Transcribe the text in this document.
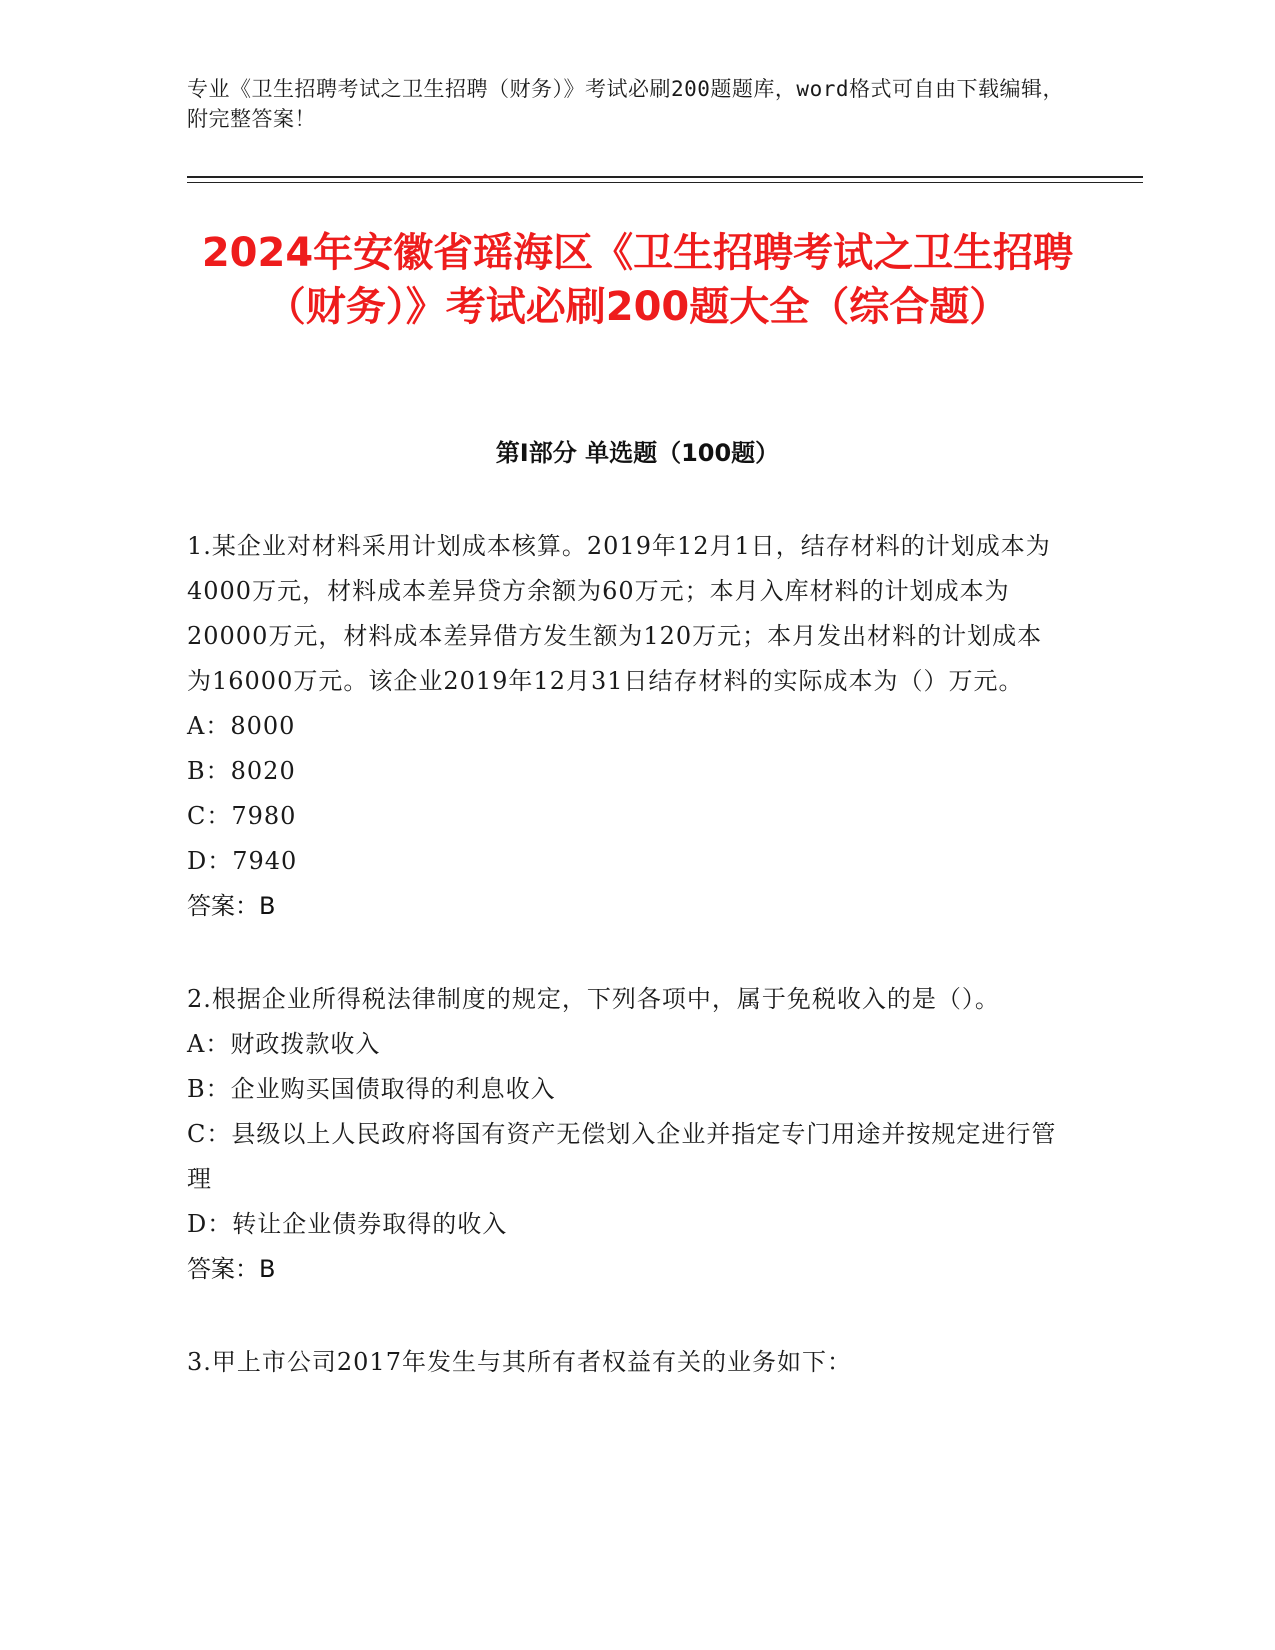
专业《卫生招聘考试之卫生招聘（财务）》考试必刷200题题库，word格式可自由下载编辑，附完整答案！
2024年安徽省瑶海区《卫生招聘考试之卫生招聘（财务）》考试必刷200题大全（综合题）
第Ⅰ部分 单选题（100题）
1.某企业对材料采用计划成本核算。2019年12月1日，结存材料的计划成本为4000万元，材料成本差异贷方余额为60万元；本月入库材料的计划成本为20000万元，材料成本差异借方发生额为120万元；本月发出材料的计划成本为16000万元。该企业2019年12月31日结存材料的实际成本为（）万元。
A：8000
B：8020
C：7980
D：7940
答案：B
2.根据企业所得税法律制度的规定，下列各项中，属于免税收入的是（）。
A：财政拨款收入
B：企业购买国债取得的利息收入
C：县级以上人民政府将国有资产无偿划入企业并指定专门用途并按规定进行管理
D：转让企业债券取得的收入
答案：B
3.甲上市公司2017年发生与其所有者权益有关的业务如下：
